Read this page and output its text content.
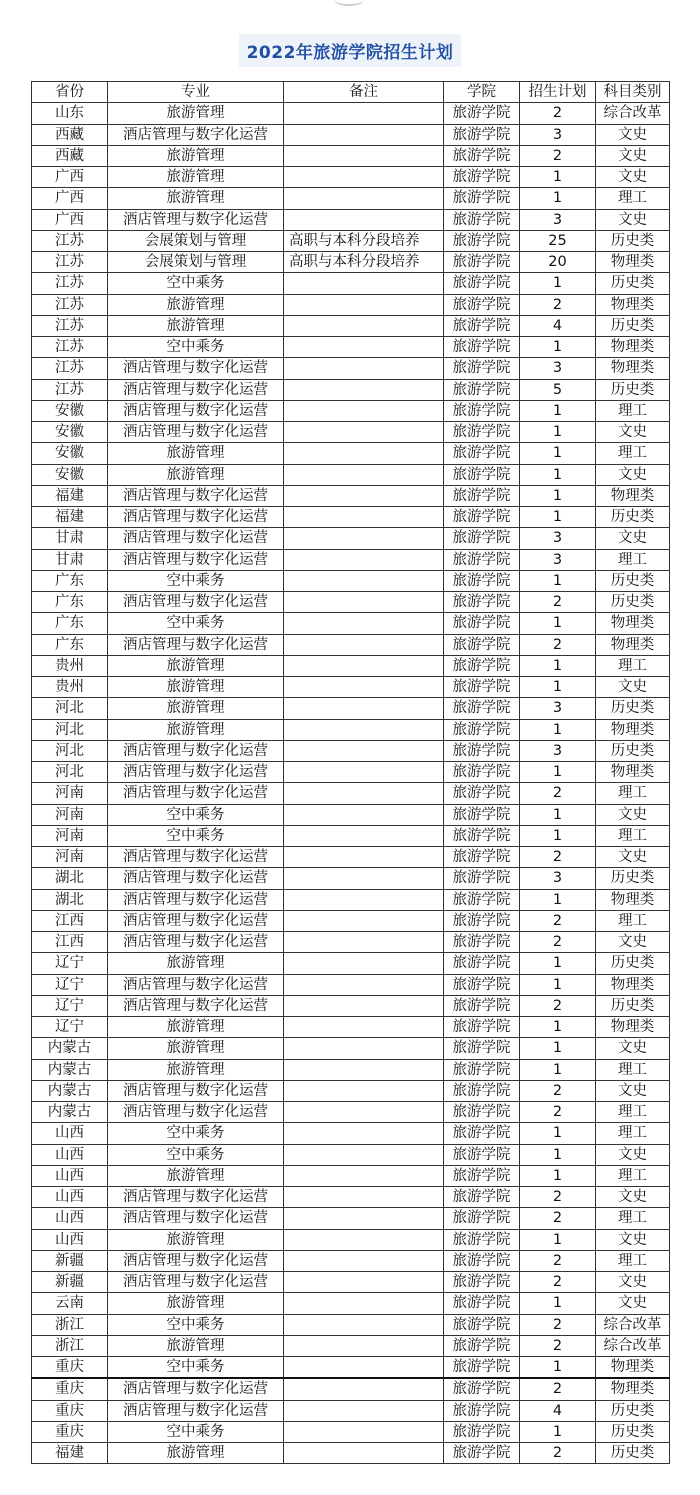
2022年旅游学院招生计划
省份	专业	备注	学院	招生计划	科目类别
山东	旅游管理		旅游学院	2	综合改革
西藏	酒店管理与数字化运营		旅游学院	3	文史
西藏	旅游管理		旅游学院	2	文史
广西	旅游管理		旅游学院	1	文史
广西	旅游管理		旅游学院	1	理工
广西	酒店管理与数字化运营		旅游学院	3	文史
江苏	会展策划与管理	高职与本科分段培养	旅游学院	25	历史类
江苏	会展策划与管理	高职与本科分段培养	旅游学院	20	物理类
江苏	空中乘务		旅游学院	1	历史类
江苏	旅游管理		旅游学院	2	物理类
江苏	旅游管理		旅游学院	4	历史类
江苏	空中乘务		旅游学院	1	物理类
江苏	酒店管理与数字化运营		旅游学院	3	物理类
江苏	酒店管理与数字化运营		旅游学院	5	历史类
安徽	酒店管理与数字化运营		旅游学院	1	理工
安徽	酒店管理与数字化运营		旅游学院	1	文史
安徽	旅游管理		旅游学院	1	理工
安徽	旅游管理		旅游学院	1	文史
福建	酒店管理与数字化运营		旅游学院	1	物理类
福建	酒店管理与数字化运营		旅游学院	1	历史类
甘肃	酒店管理与数字化运营		旅游学院	3	文史
甘肃	酒店管理与数字化运营		旅游学院	3	理工
广东	空中乘务		旅游学院	1	历史类
广东	酒店管理与数字化运营		旅游学院	2	历史类
广东	空中乘务		旅游学院	1	物理类
广东	酒店管理与数字化运营		旅游学院	2	物理类
贵州	旅游管理		旅游学院	1	理工
贵州	旅游管理		旅游学院	1	文史
河北	旅游管理		旅游学院	3	历史类
河北	旅游管理		旅游学院	1	物理类
河北	酒店管理与数字化运营		旅游学院	3	历史类
河北	酒店管理与数字化运营		旅游学院	1	物理类
河南	酒店管理与数字化运营		旅游学院	2	理工
河南	空中乘务		旅游学院	1	文史
河南	空中乘务		旅游学院	1	理工
河南	酒店管理与数字化运营		旅游学院	2	文史
湖北	酒店管理与数字化运营		旅游学院	3	历史类
湖北	酒店管理与数字化运营		旅游学院	1	物理类
江西	酒店管理与数字化运营		旅游学院	2	理工
江西	酒店管理与数字化运营		旅游学院	2	文史
辽宁	旅游管理		旅游学院	1	历史类
辽宁	酒店管理与数字化运营		旅游学院	1	物理类
辽宁	酒店管理与数字化运营		旅游学院	2	历史类
辽宁	旅游管理		旅游学院	1	物理类
内蒙古	旅游管理		旅游学院	1	文史
内蒙古	旅游管理		旅游学院	1	理工
内蒙古	酒店管理与数字化运营		旅游学院	2	文史
内蒙古	酒店管理与数字化运营		旅游学院	2	理工
山西	空中乘务		旅游学院	1	理工
山西	空中乘务		旅游学院	1	文史
山西	旅游管理		旅游学院	1	理工
山西	酒店管理与数字化运营		旅游学院	2	文史
山西	酒店管理与数字化运营		旅游学院	2	理工
山西	旅游管理		旅游学院	1	文史
新疆	酒店管理与数字化运营		旅游学院	2	理工
新疆	酒店管理与数字化运营		旅游学院	2	文史
云南	旅游管理		旅游学院	1	文史
浙江	空中乘务		旅游学院	2	综合改革
浙江	旅游管理		旅游学院	2	综合改革
重庆	空中乘务		旅游学院	1	物理类
重庆	酒店管理与数字化运营		旅游学院	2	物理类
重庆	酒店管理与数字化运营		旅游学院	4	历史类
重庆	空中乘务		旅游学院	1	历史类
福建	旅游管理		旅游学院	2	历史类
